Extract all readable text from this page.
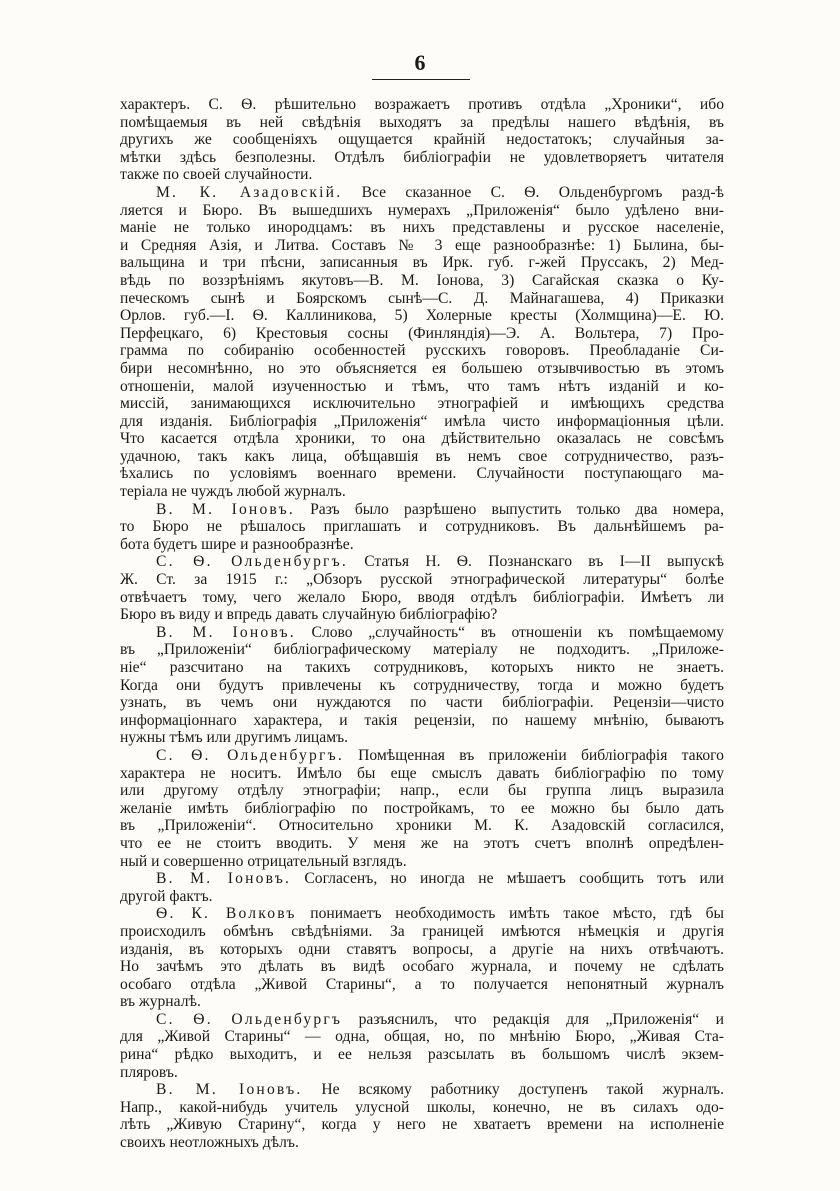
6
характеръ. С. Ѳ. рѣшительно возражаетъ противъ отдѣла „Хроники“, ибо
помѣщаемыя въ ней свѣдѣнія выходятъ за предѣлы нашего вѣдѣнія, въ
другихъ же сообщеніяхъ ощущается крайній недостатокъ; случайныя за-
мѣтки здѣсь безполезны. Отдѣлъ библіографіи не удовлетворяетъ читателя
также по своей случайности.
М. К. Азадовскій. Все сказанное С. Ѳ. Ольденбургомъ разд-ѣ
ляется и Бюро. Въ вышедшихъ нумерахъ „Приложенія“ было удѣлено вни-
маніе не только инородцамъ: въ нихъ представлены и русское населеніе,
и Средняя Азія, и Литва. Составъ № 3 еще разнообразнѣе: 1) Былина, бы-
вальщина и три пѣсни, записанныя въ Ирк. губ. г-жей Пруссакъ, 2) Мед-
вѣдь по воззрѣніямъ якутовъ—В. М. Іонова, 3) Сагайская сказка о Ку-
печескомъ сынѣ и Боярскомъ сынѣ—С. Д. Майнагашева, 4) Приказки
Орлов. губ.—І. Ѳ. Каллиникова, 5) Холерные кресты (Холмщина)—Е. Ю.
Перфецкаго, 6) Крестовыя сосны (Финляндія)—Э. А. Вольтера, 7) Про-
грамма по собиранію особенностей русскихъ говоровъ. Преобладаніе Си-
бири несомнѣнно, но это объясняется ея большею отзывчивостью въ этомъ
отношеніи, малой изученностью и тѣмъ, что тамъ нѣтъ изданій и ко-
миссій, занимающихся исключительно этнографіей и имѣющихъ средства
для изданія. Библіографія „Приложенія“ имѣла чисто информаціонныя цѣли.
Что касается отдѣла хроники, то она дѣйствительно оказалась не совсѣмъ
удачною, такъ какъ лица, обѣщавшія въ немъ свое сотрудничество, разъ-
ѣхались по условіямъ военнаго времени. Случайности поступающаго ма-
теріала не чуждъ любой журналъ.
В. М. Іоновъ. Разъ было разрѣшено выпустить только два номера,
то Бюро не рѣшалось приглашать и сотрудниковъ. Въ дальнѣйшемъ ра-
бота будетъ шире и разнообразнѣе.
С. Ѳ. Ольденбургъ. Статья Н. Ѳ. Познанскаго въ I—II выпускѣ
Ж. Ст. за 1915 г.: „Обзоръ русской этнографической литературы“ болѣе
отвѣчаетъ тому, чего желало Бюро, вводя отдѣлъ библіографіи. Имѣетъ ли
Бюро въ виду и впредь давать случайную библіографію?
В. М. Іоновъ. Слово „случайность“ въ отношеніи къ помѣщаемому
въ „Приложеніи“ библіографическому матеріалу не подходитъ. „Приложе-
ніе“ разсчитано на такихъ сотрудниковъ, которыхъ никто не знаетъ.
Когда они будутъ привлечены къ сотрудничеству, тогда и можно будетъ
узнать, въ чемъ они нуждаются по части библіографіи. Рецензіи—чисто
информаціоннаго характера, и такія рецензіи, по нашему мнѣнію, бываютъ
нужны тѣмъ или другимъ лицамъ.
С. Ѳ. Ольденбургъ. Помѣщенная въ приложеніи библіографія такого
характера не носитъ. Имѣло бы еще смыслъ давать библіографію по тому
или другому отдѣлу этнографіи; напр., если бы группа лицъ выразила
желаніе имѣть библіографію по постройкамъ, то ее можно бы было дать
въ „Приложеніи“. Относительно хроники М. К. Азадовскій согласился,
что ее не стоитъ вводить. У меня же на этотъ счетъ вполнѣ опредѣлен-
ный и совершенно отрицательный взглядъ.
В. М. Іоновъ. Согласенъ, но иногда не мѣшаетъ сообщить тотъ или
другой фактъ.
Ѳ. К. Волковъ понимаетъ необходимость имѣть такое мѣсто, гдѣ бы
происходилъ обмѣнъ свѣдѣніями. За границей имѣются нѣмецкія и другія
изданія, въ которыхъ одни ставятъ вопросы, а другіе на нихъ отвѣчаютъ.
Но зачѣмъ это дѣлать въ видѣ особаго журнала, и почему не сдѣлать
особаго отдѣла „Живой Старины“, а то получается непонятный журналъ
въ журналѣ.
С. Ѳ. Ольденбургъ разъяснилъ, что редакція для „Приложенія“ и
для „Живой Старины“ — одна, общая, но, по мнѣнію Бюро, „Живая Ста-
рина“ рѣдко выходитъ, и ее нельзя разсылать въ большомъ числѣ экзем-
пляровъ.
В. М. Іоновъ. Не всякому работнику доступенъ такой журналъ.
Напр., какой-нибудь учитель улусной школы, конечно, не въ силахъ одо-
лѣть „Живую Старину“, когда у него не хватаетъ времени на исполненіе
своихъ неотложныхъ дѣлъ.
